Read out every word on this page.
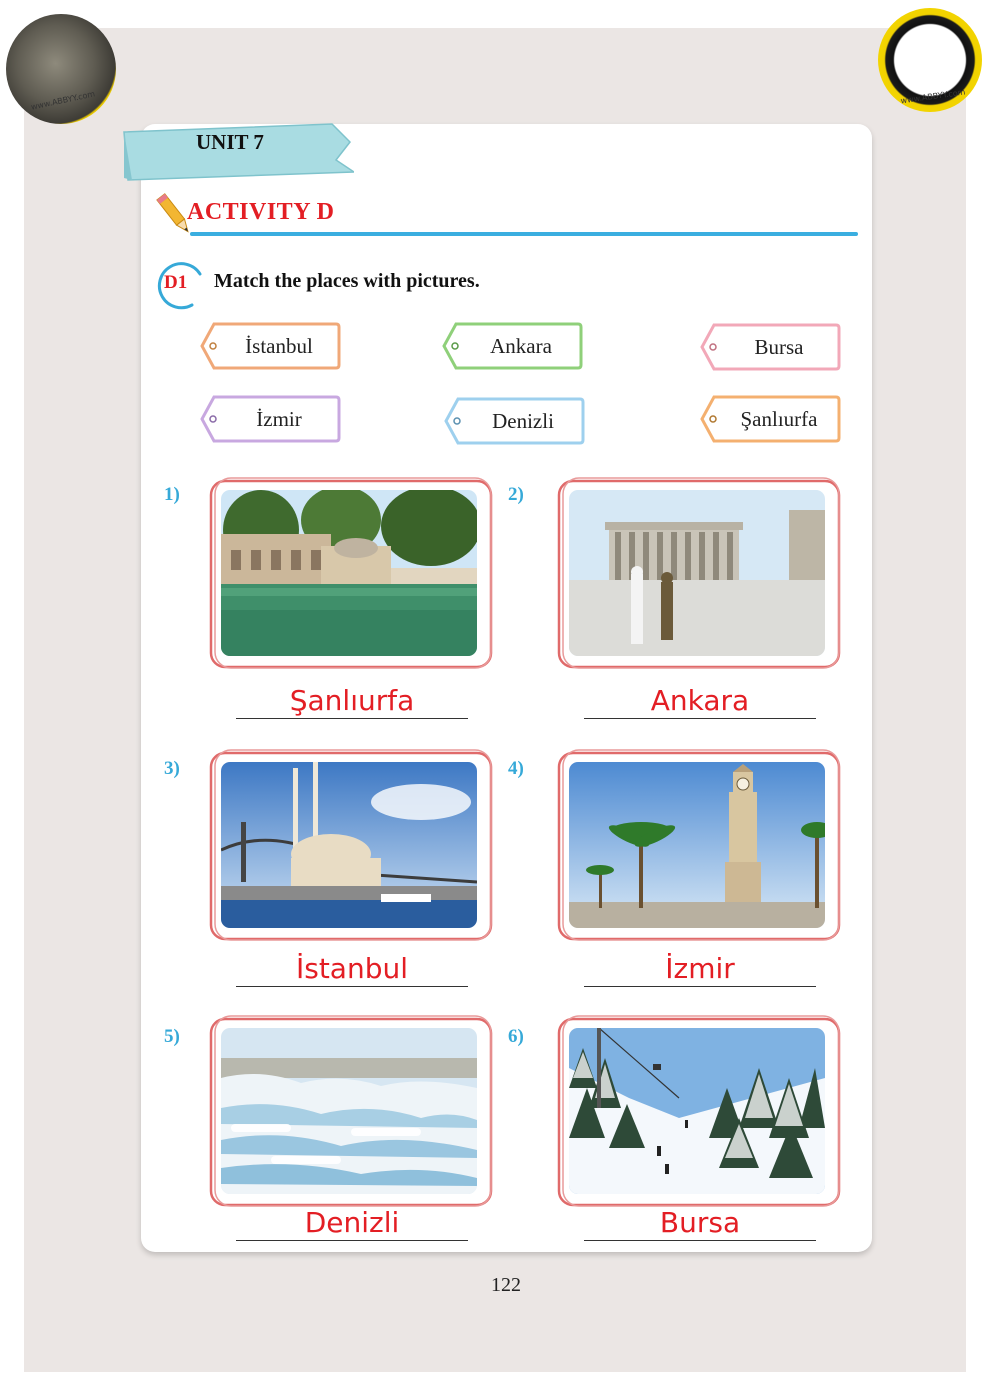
www.ABBYY.com	www.ABBYY.com
UNIT 7
ACTIVITY D
D1 Match the places with pictures.
İstanbul	Ankara	Bursa
İzmir	Denizli	Şanlıurfa
1)	2)
Şanlıurfa	Ankara
3)	4)
İstanbul	İzmir
5)	6)
Denizli	Bursa
122
